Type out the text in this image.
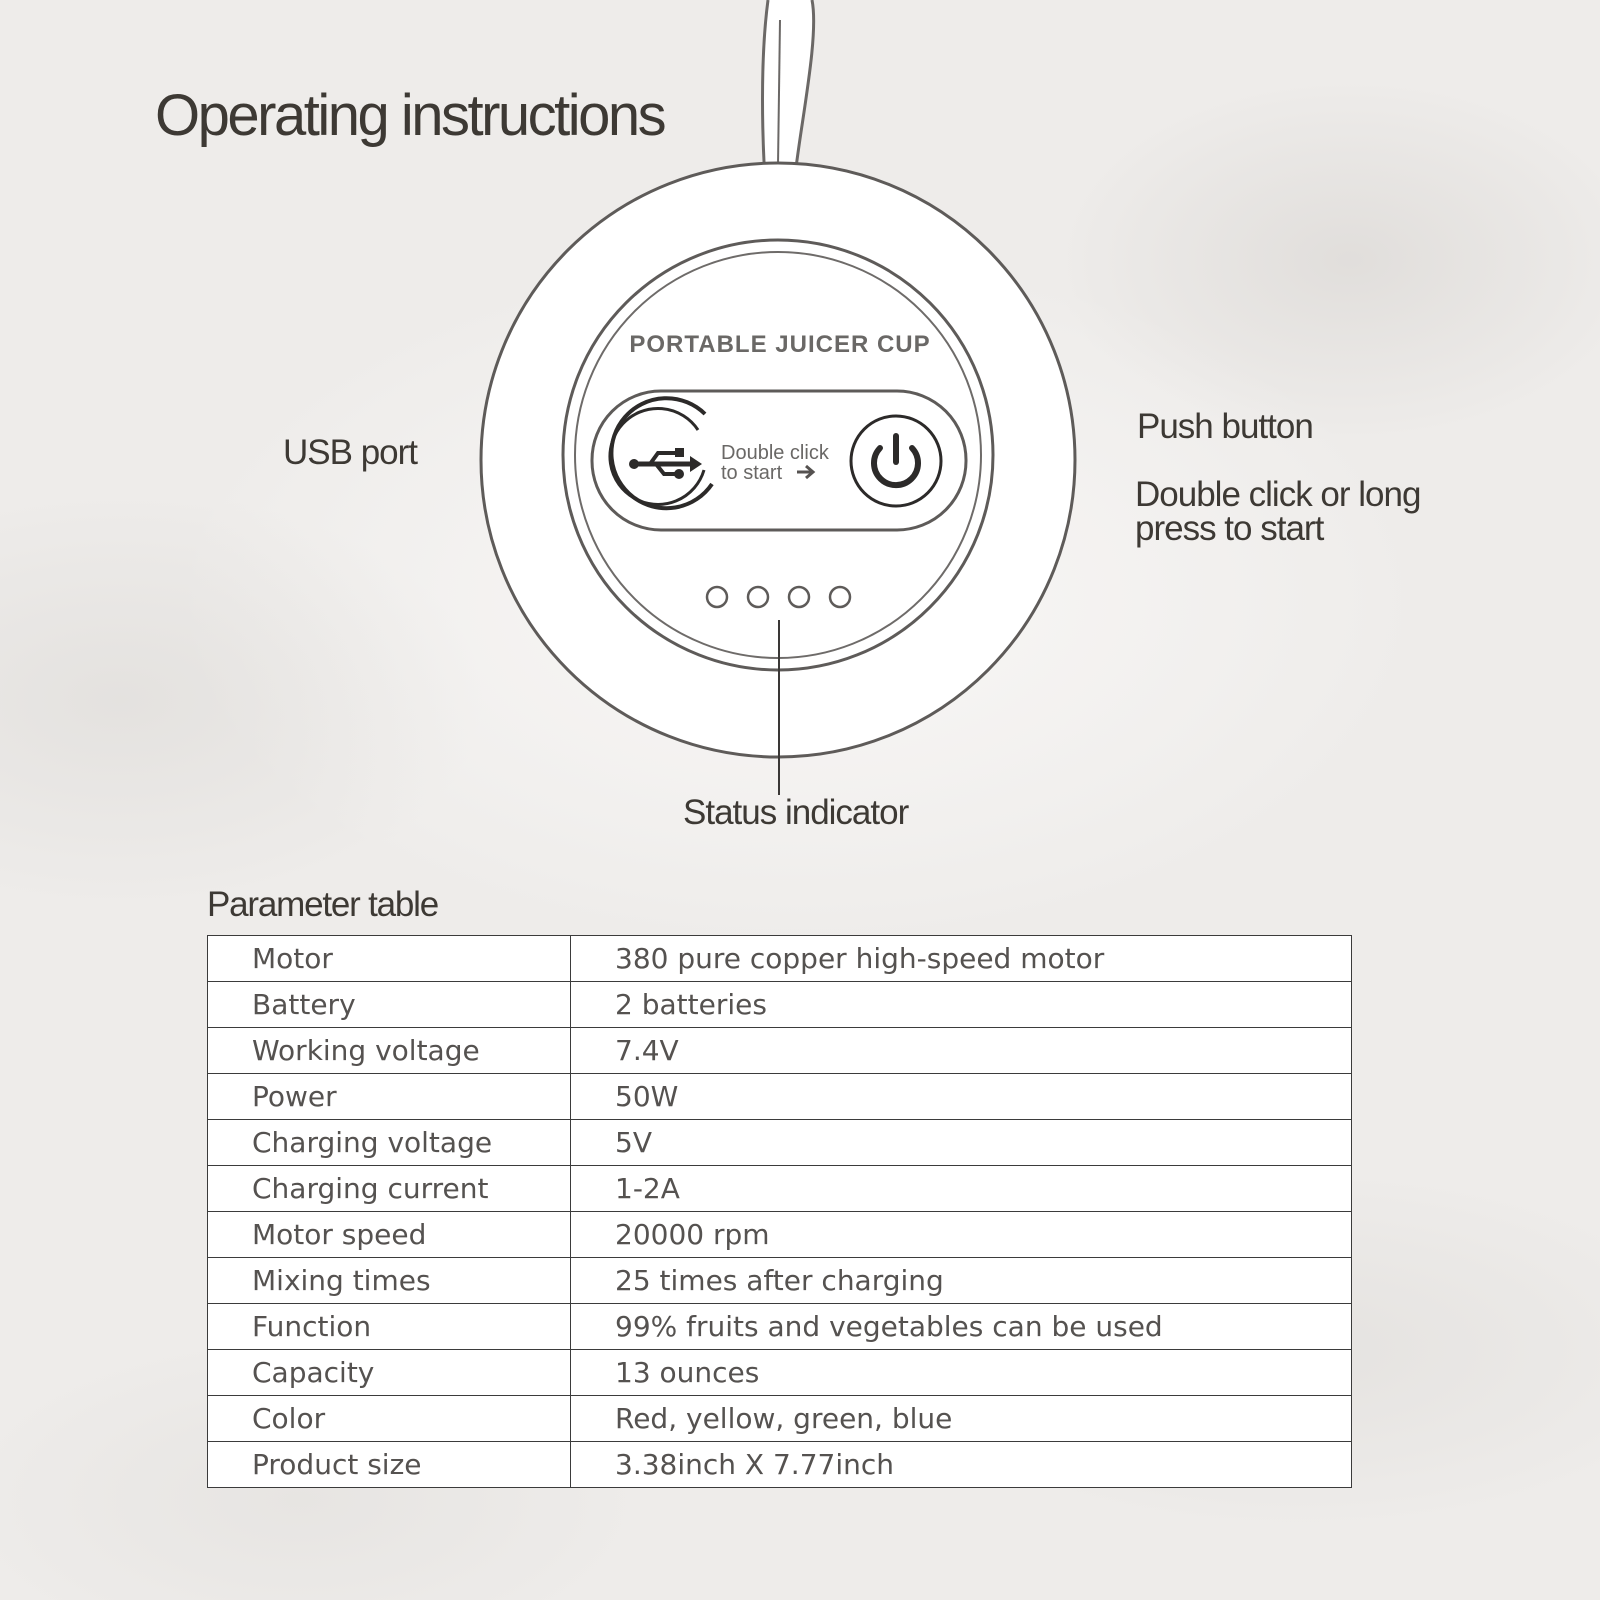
Operating instructions
PORTABLE JUICER CUP
Double click
to start
USB port
Push button
Double click or long press to start
Status indicator
Parameter table
Motor	380 pure copper high-speed motor
Battery	2 batteries
Working voltage	7.4V
Power	50W
Charging voltage	5V
Charging current	1-2A
Motor speed	20000 rpm
Mixing times	25 times after charging
Function	99% fruits and vegetables can be used
Capacity	13 ounces
Color	Red, yellow, green, blue
Product size	3.38inch X 7.77inch
